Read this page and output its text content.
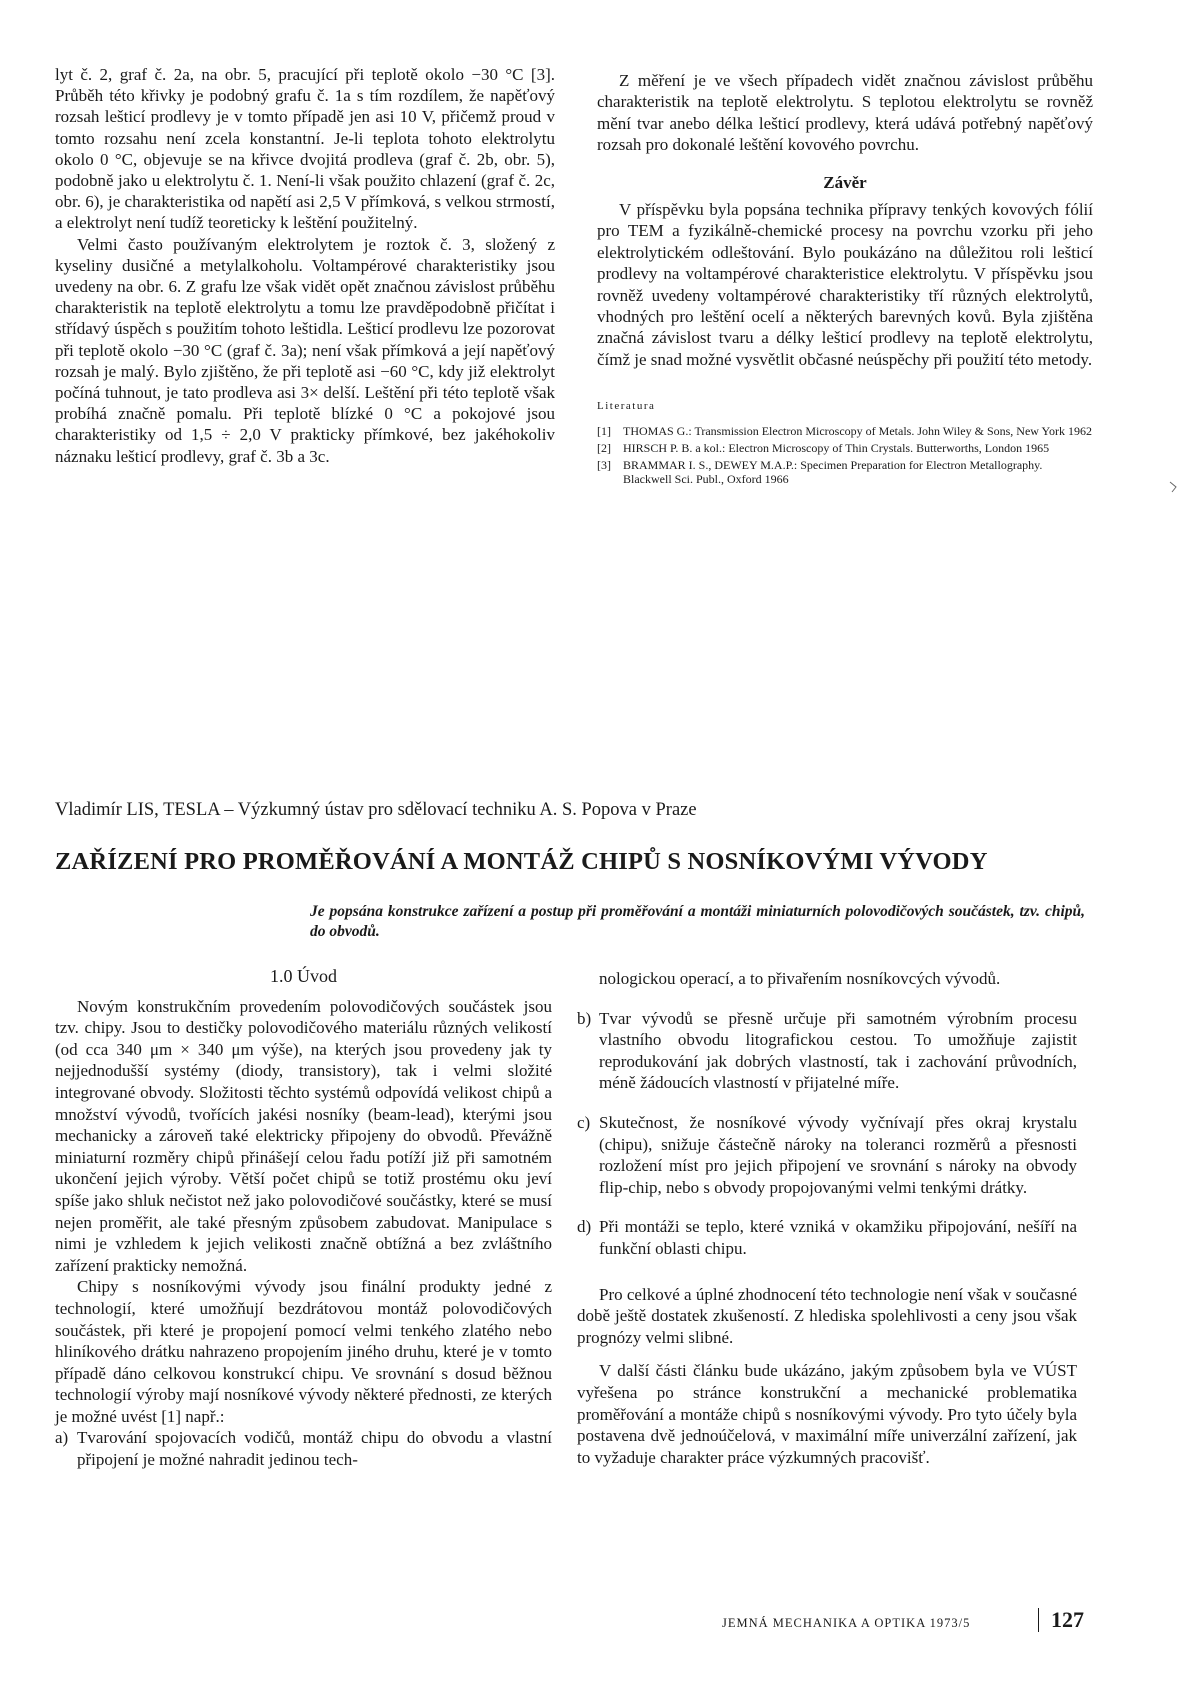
lyt č. 2, graf č. 2a, na obr. 5, pracující při teplotě okolo −30 °C [3]. Průběh této křivky je podobný grafu č. 1a s tím rozdílem, že napěťový rozsah lešticí prodlevy je v tomto případě jen asi 10 V, přičemž proud v tomto rozsahu není zcela konstantní. Je-li teplota tohoto elektrolytu okolo 0 °C, objevuje se na křivce dvojitá prodleva (graf č. 2b, obr. 5), podobně jako u elektrolytu č. 1. Není-li však použito chlazení (graf č. 2c, obr. 6), je charakteristika od napětí asi 2,5 V přímková, s velkou strmostí, a elektrolyt není tudíž teoreticky k leštění použitelný.

Velmi často používaným elektrolytem je roztok č. 3, složený z kyseliny dusičné a metylalkoholu. Voltampérové charakteristiky jsou uvedeny na obr. 6. Z grafu lze však vidět opět značnou závislost průběhu charakteristik na teplotě elektrolytu a tomu lze pravděpodobně přičítat i střídavý úspěch s použitím tohoto leštidla. Lešticí prodlevu lze pozorovat při teplotě okolo −30 °C (graf č. 3a); není však přímková a její napěťový rozsah je malý. Bylo zjištěno, že při teplotě asi −60 °C, kdy již elektrolyt počíná tuhnout, je tato prodleva asi 3× delší. Leštění při této teplotě však probíhá značně pomalu. Při teplotě blízké 0 °C a pokojové jsou charakteristiky od 1,5 ÷ 2,0 V prakticky přímkové, bez jakéhokoliv náznaku lešticí prodlevy, graf č. 3b a 3c.

Z měření je ve všech případech vidět značnou závislost průběhu charakteristik na teplotě elektrolytu. S teplotou elektrolytu se rovněž mění tvar anebo délka lešticí prodlevy, která udává potřebný napěťový rozsah pro dokonalé leštění kovového povrchu.

Závěr

V příspěvku byla popsána technika přípravy tenkých kovových fólií pro TEM a fyzikálně-chemické procesy na povrchu vzorku při jeho elektrolytickém odleštování. Bylo poukázáno na důležitou roli lešticí prodlevy na voltampérové charakteristice elektrolytu. V příspěvku jsou rovněž uvedeny voltampérové charakteristiky tří různých elektrolytů, vhodných pro leštění ocelí a některých barevných kovů. Byla zjištěna značná závislost tvaru a délky lešticí prodlevy na teplotě elektrolytu, čímž je snad možné vysvětlit občasné neúspěchy při použití této metody.

Literatura
[1]	THOMAS G.: Transmission Electron Microscopy of Metals. John Wiley & Sons, New York 1962
[2]	HIRSCH P. B. a kol.: Electron Microscopy of Thin Crystals. Butterworths, London 1965
[3]	BRAMMAR I. S., DEWEY M.A.P.: Specimen Preparation for Electron Metallography. Blackwell Sci. Publ., Oxford 1966
Vladimír LIS, TESLA – Výzkumný ústav pro sdělovací techniku A. S. Popova v Praze
ZAŘÍZENÍ PRO PROMĚŘOVÁNÍ A MONTÁŽ CHIPŮ S NOSNÍKOVÝMI VÝVODY
Je popsána konstrukce zařízení a postup při proměřování a montáži miniaturních polovodičových součástek, tzv. chipů, do obvodů.
1.0 Úvod

Novým konstrukčním provedením polovodičových součástek jsou tzv. chipy. Jsou to destičky polovodičového materiálu různých velikostí (od cca 340 μm × 340 μm výše), na kterých jsou provedeny jak ty nejjednodušší systémy (diody, transistory), tak i velmi složité integrované obvody. Složitosti těchto systémů odpovídá velikost chipů a množství vývodů, tvořících jakési nosníky (beam-lead), kterými jsou mechanicky a zároveň také elektricky připojeny do obvodů. Převážně miniaturní rozměry chipů přinášejí celou řadu potíží již při samotném ukončení jejich výroby. Větší počet chipů se totiž prostému oku jeví spíše jako shluk nečistot než jako polovodičové součástky, které se musí nejen proměřit, ale také přesným způsobem zabudovat. Manipulace s nimi je vzhledem k jejich velikosti značně obtížná a bez zvláštního zařízení prakticky nemožná.

Chipy s nosníkovými vývody jsou finální produkty jedné z technologií, které umožňují bezdrátovou montáž polovodičových součástek, při které je propojení pomocí velmi tenkého zlatého nebo hliníkového drátku nahrazeno propojením jiného druhu, které je v tomto případě dáno celkovou konstrukcí chipu. Ve srovnání s dosud běžnou technologií výroby mají nosníkové vývody některé přednosti, ze kterých je možné uvést [1] např.:

a) Tvarování spojovacích vodičů, montáž chipu do obvodu a vlastní připojení je možné nahradit jedinou tech-
nologickou operací, a to přivařením nosníkovcých vývodů.
b) Tvar vývodů se přesně určuje při samotném výrobním procesu vlastního obvodu litografickou cestou. To umožňuje zajistit reprodukování jak dobrých vlastností, tak i zachování průvodních, méně žádoucích vlastností v přijatelné míře.
c) Skutečnost, že nosníkové vývody vyčnívají přes okraj krystalu (chipu), snižuje částečně nároky na toleranci rozměrů a přesnosti rozložení míst pro jejich připojení ve srovnání s nároky na obvody flip-chip, nebo s obvody propojovanými velmi tenkými drátky.
d) Při montáži se teplo, které vzniká v okamžiku připojování, nešíří na funkční oblasti chipu.

Pro celkové a úplné zhodnocení této technologie není však v současné době ještě dostatek zkušeností. Z hlediska spolehlivosti a ceny jsou však prognózy velmi slibné.

V další části článku bude ukázáno, jakým způsobem byla ve VÚST vyřešena po stránce konstrukční a mechanické problematika proměřování a montáže chipů s nosníkovými vývody. Pro tyto účely byla postavena dvě jednoúčelová, v maximální míře univerzální zařízení, jak to vyžaduje charakter práce výzkumných pracovišť.

JEMNÁ MECHANIKA A OPTIKA 1973/5	127
